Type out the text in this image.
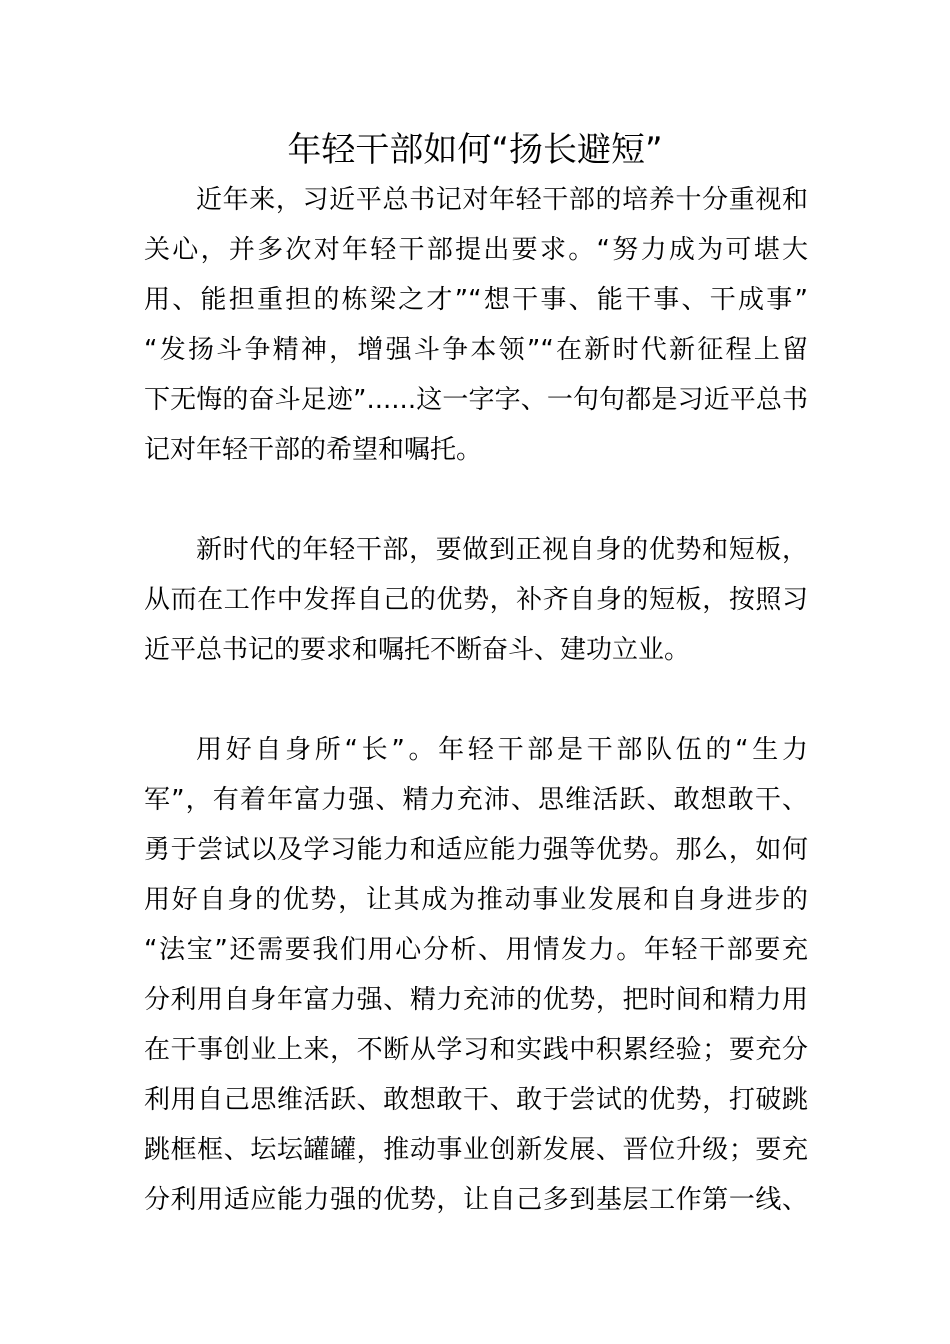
年轻干部如何“扬长避短”
近年来，习近平总书记对年轻干部的培养十分重视和
关心，并多次对年轻干部提出要求。“努力成为可堪大
用、能担重担的栋梁之才”“想干事、能干事、干成事”
“发扬斗争精神，增强斗争本领”“在新时代新征程上留
下无悔的奋斗足迹”......这一字字、一句句都是习近平总书
记对年轻干部的希望和嘱托。
新时代的年轻干部，要做到正视自身的优势和短板，
从而在工作中发挥自己的优势，补齐自身的短板，按照习
近平总书记的要求和嘱托不断奋斗、建功立业。
用好自身所“长”。年轻干部是干部队伍的“生力
军”，有着年富力强、精力充沛、思维活跃、敢想敢干、
勇于尝试以及学习能力和适应能力强等优势。那么，如何
用好自身的优势，让其成为推动事业发展和自身进步的
“法宝”还需要我们用心分析、用情发力。年轻干部要充
分利用自身年富力强、精力充沛的优势，把时间和精力用
在干事创业上来，不断从学习和实践中积累经验；要充分
利用自己思维活跃、敢想敢干、敢于尝试的优势，打破跳
跳框框、坛坛罐罐，推动事业创新发展、晋位升级；要充
分利用适应能力强的优势，让自己多到基层工作第一线、
